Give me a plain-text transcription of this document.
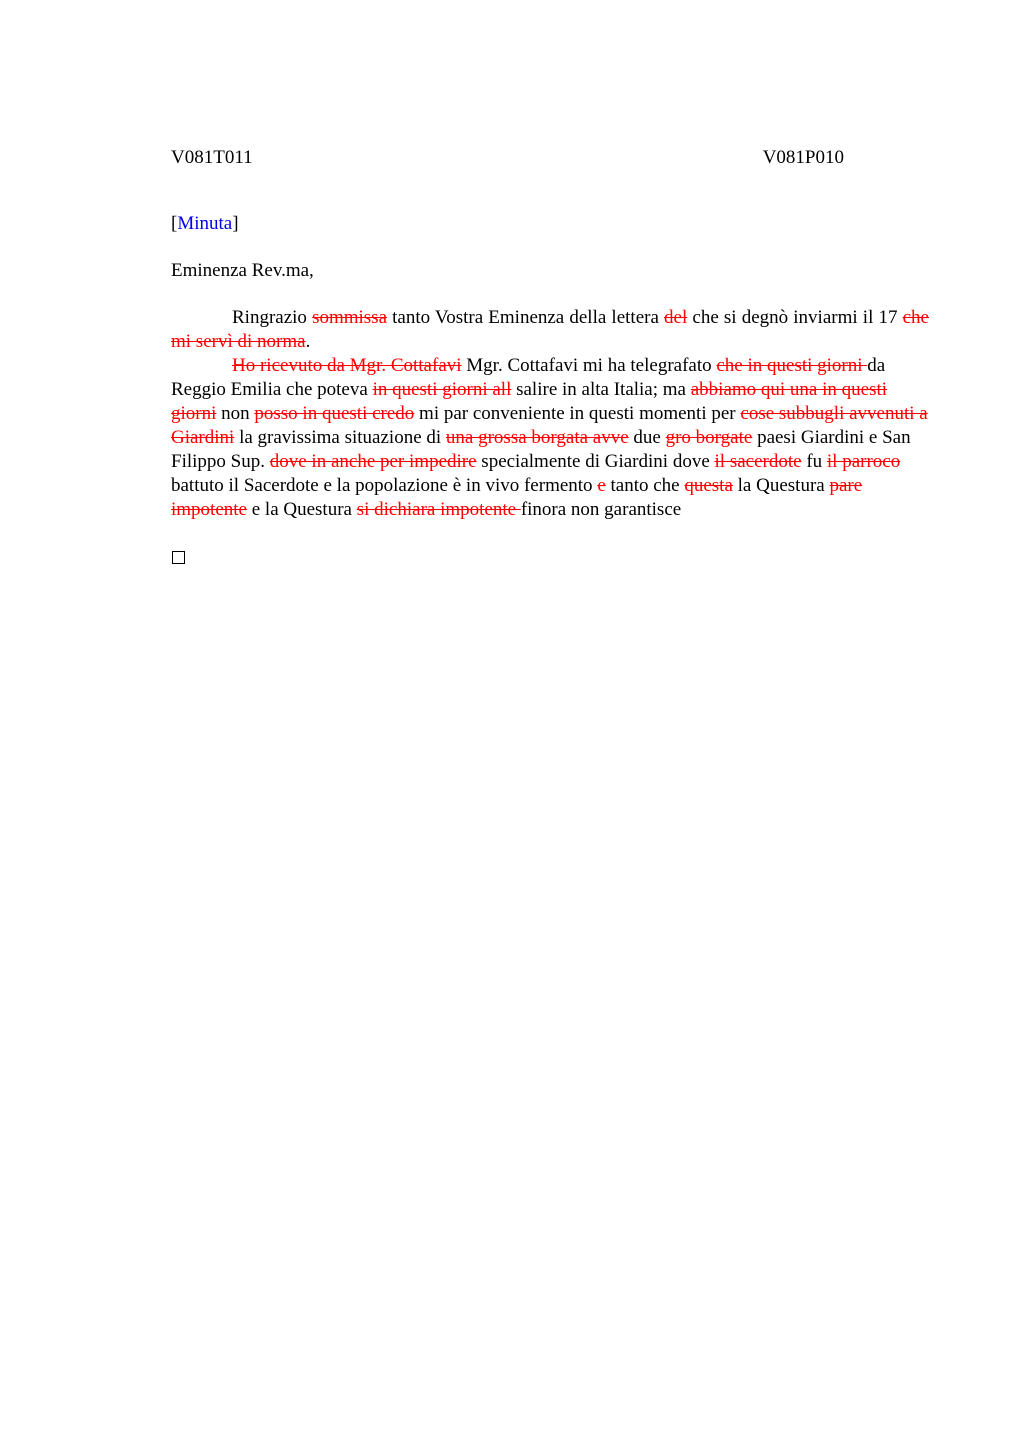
V081T011	V081P010
[Minuta]
Eminenza Rev.ma,

Ringrazio sommissa tanto Vostra Eminenza della lettera del che si degnò inviarmi il 17 che mi servì di norma.

Ho ricevuto da Mgr. Cottafavi Mgr. Cottafavi mi ha telegrafato che in questi giorni da Reggio Emilia che poteva in questi giorni all salire in alta Italia; ma abbiamo qui una in questi giorni non posso in questi credo mi par conveniente in questi momenti per cose subbugli avvenuti a Giardini la gravissima situazione di una grossa borgata avve due gro borgate paesi Giardini e San Filippo Sup. dove in anche per impedire specialmente di Giardini dove il sacerdote fu il parroco battuto il Sacerdote e la popolazione è in vivo fermento e tanto che questa la Questura pare impotente e la Questura si dichiara impotente finora non garantisce
